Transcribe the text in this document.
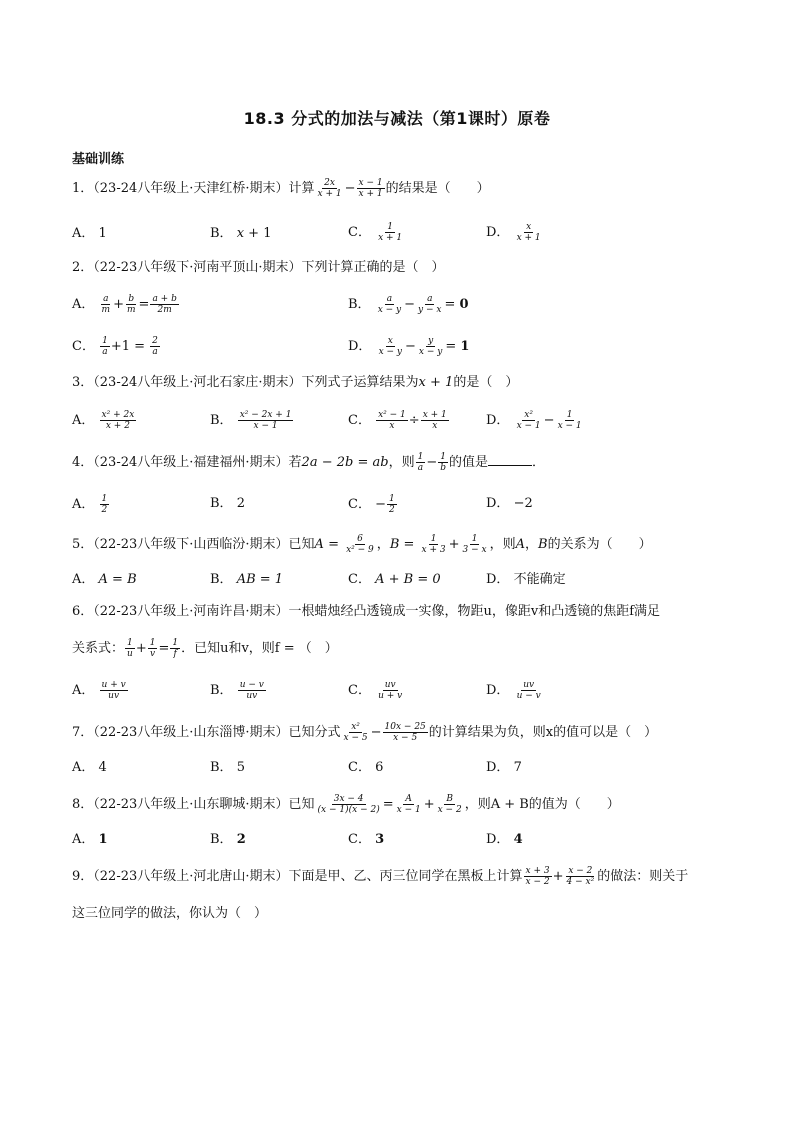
18.3 分式的加法与减法（第1课时）原卷
基础训练
1．（23-24八年级上·天津红桥·期末）计算 $\frac{2x}{x + 1} - \frac{x - 1}{x + 1}$ 的结果是（　　）
A． 1	B． x + 1	C． $\frac{1}{x + 1}$	D． $\frac{x}{x + 1}$
2．（22-23八年级下·河南平顶山·期末）下列计算正确的是（　）
A． $\frac{a}{m} + \frac{b}{m} = \frac{a + b}{2m}$	B． $\frac{a}{x - y} - \frac{a}{y - x} = 0$
C． $\frac{1}{a} +1 = \frac{2}{a}$	D． $\frac{x}{x - y} - \frac{y}{x - y} = 1$
3．（23-24八年级上·河北石家庄·期末）下列式子运算结果为x + 1的是（　）
A． $\frac{\text{x² + 2x}}{x + 2}$	B． $\frac{\text{x² − 2x + 1}}{x - 1}$	C． $\frac{\text{x² − 1}}{x} \div \frac{x + 1}{x}$	D． $\frac{\text{x²}}{x - 1} - \frac{1}{x - 1}$
4．（23-24八年级上·福建福州·期末）若2a − 2b = ab，则 $\frac{1}{a} - \frac{1}{b}$ 的值是	．
A． $\frac{1}{2}$	B． 2	C． − $\frac{1}{2}$	D． −2
5．（22-23八年级下·山西临汾·期末）已知$A = \frac{6}{\text{x² − 9}}$ ，$B = \frac{1}{x + 3} + \frac{1}{3 - x}$ ，则A，B的关系为（　　）
A． A = B	B． AB = 1	C． A + B = 0	D． 不能确定
6．（22-23八年级上·河南许昌·期末）一根蜡烛经凸透镜成一实像，物距u，像距v和凸透镜的焦距f满足
关系式： $\frac{1}{u} + \frac{1}{v} = \frac{1}{f}$ ．已知u和v，则f = （　）
A． $\frac{u + v}{uv}$	B． $\frac{u - v}{uv}$	C． $\frac{uv}{u + v}$	D． $\frac{uv}{u - v}$
7．（22-23八年级上·山东淄博·期末）已知分式 $\frac{\text{x²}}{x - 5} - \frac{10x - 25}{x - 5}$ 的计算结果为负，则x的值可以是（　）
A． 4	B． 5	C． 6	D． 7
8．（22-23八年级上·山东聊城·期末）已知 $\frac{3x - 4}{(x - 1)(x - 2)} = \frac{A}{x - 1} + \frac{B}{x - 2}$ ，则A + B的值为（　　）
A． 1	B． 2	C． 3	D． 4
9．（22-23八年级上·河北唐山·期末）下面是甲、乙、丙三位同学在黑板上计算 $\frac{x + 3}{x - 2} + \frac{x - 2}{\text{4 − x²}}$ 的做法：则关于
这三位同学的做法，你认为（　）
